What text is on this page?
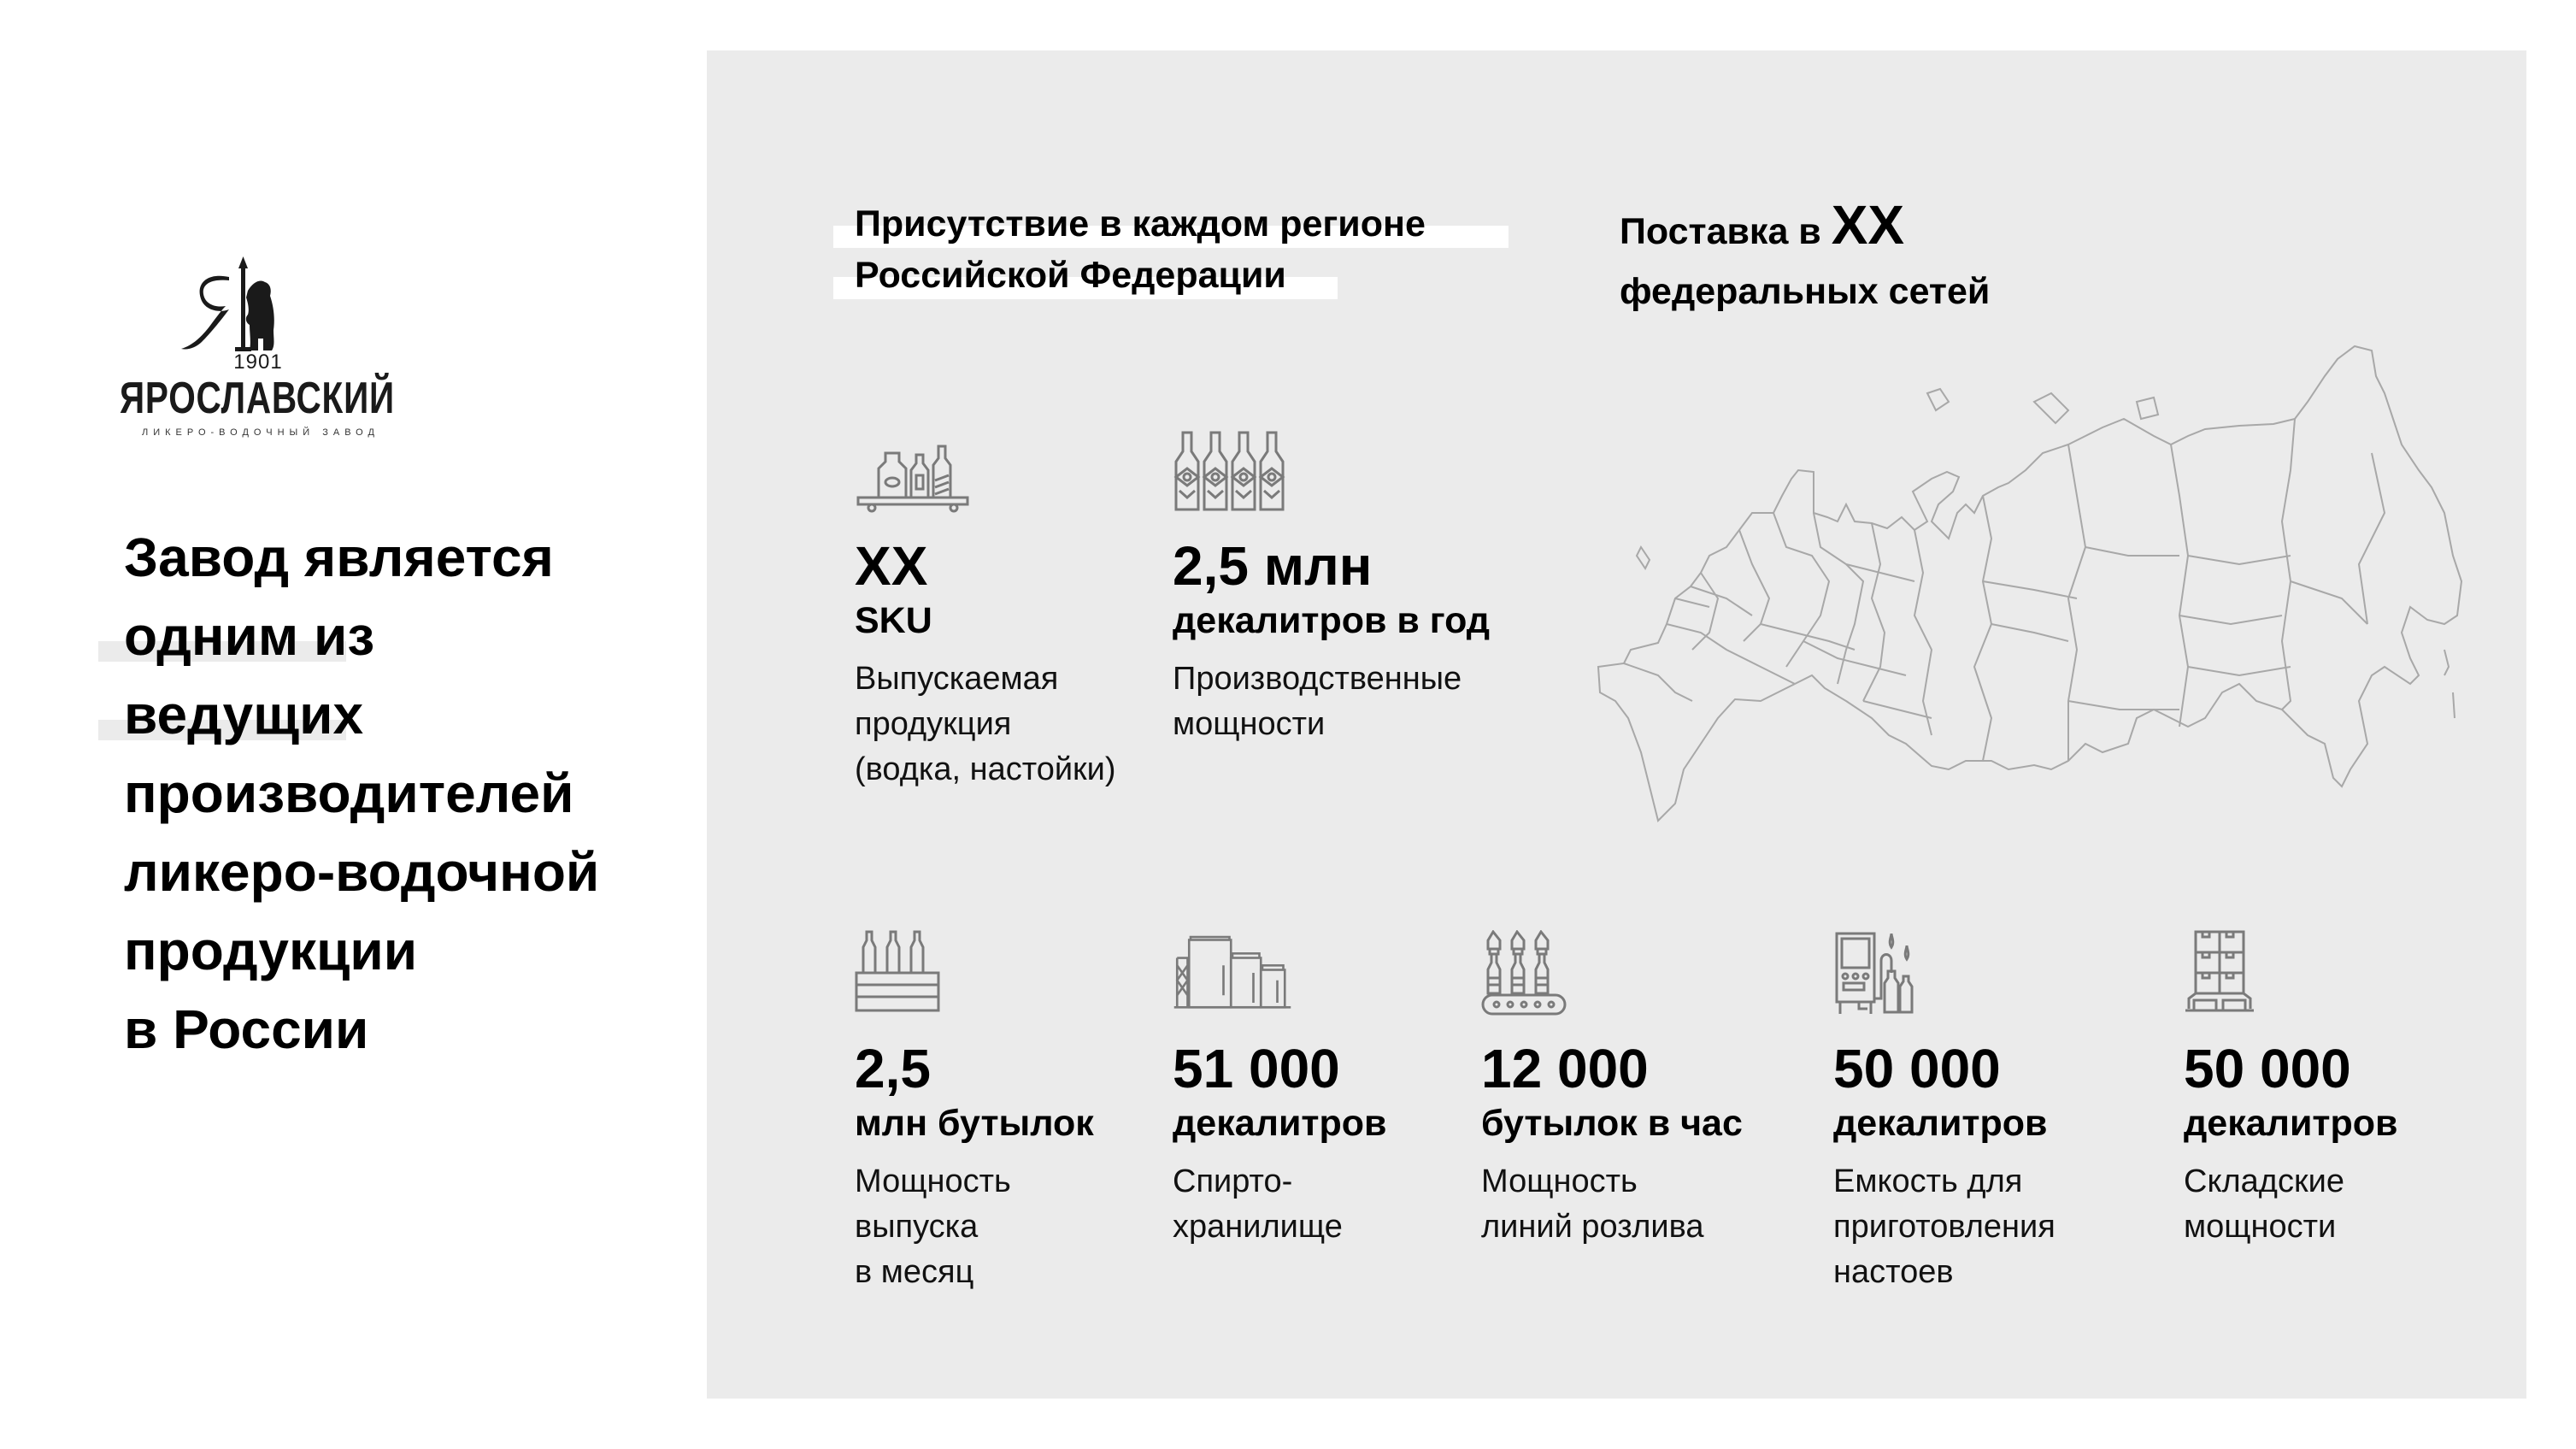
1901
ЯРОСЛАВСКИЙ
ЛИКЕРО-ВОДОЧНЫЙ ЗАВОД
Завод является
одним из
ведущих
производителей
ликеро-водочной
продукции
в России
Присутствие в каждом регионе
Российской Федерации
Поставка в XX
федеральных сетей
XX
SKU
Выпускаемая
продукция
(водка, настойки)
2,5 млн
декалитров в год
Производственные
мощности
2,5
млн бутылок
Мощность
выпуска
в месяц
51 000
декалитров
Спирто-
хранилище
12 000
бутылок в час
Мощность
линий розлива
50 000
декалитров
Емкость для
приготовления
настоев
50 000
декалитров
Складские
мощности
